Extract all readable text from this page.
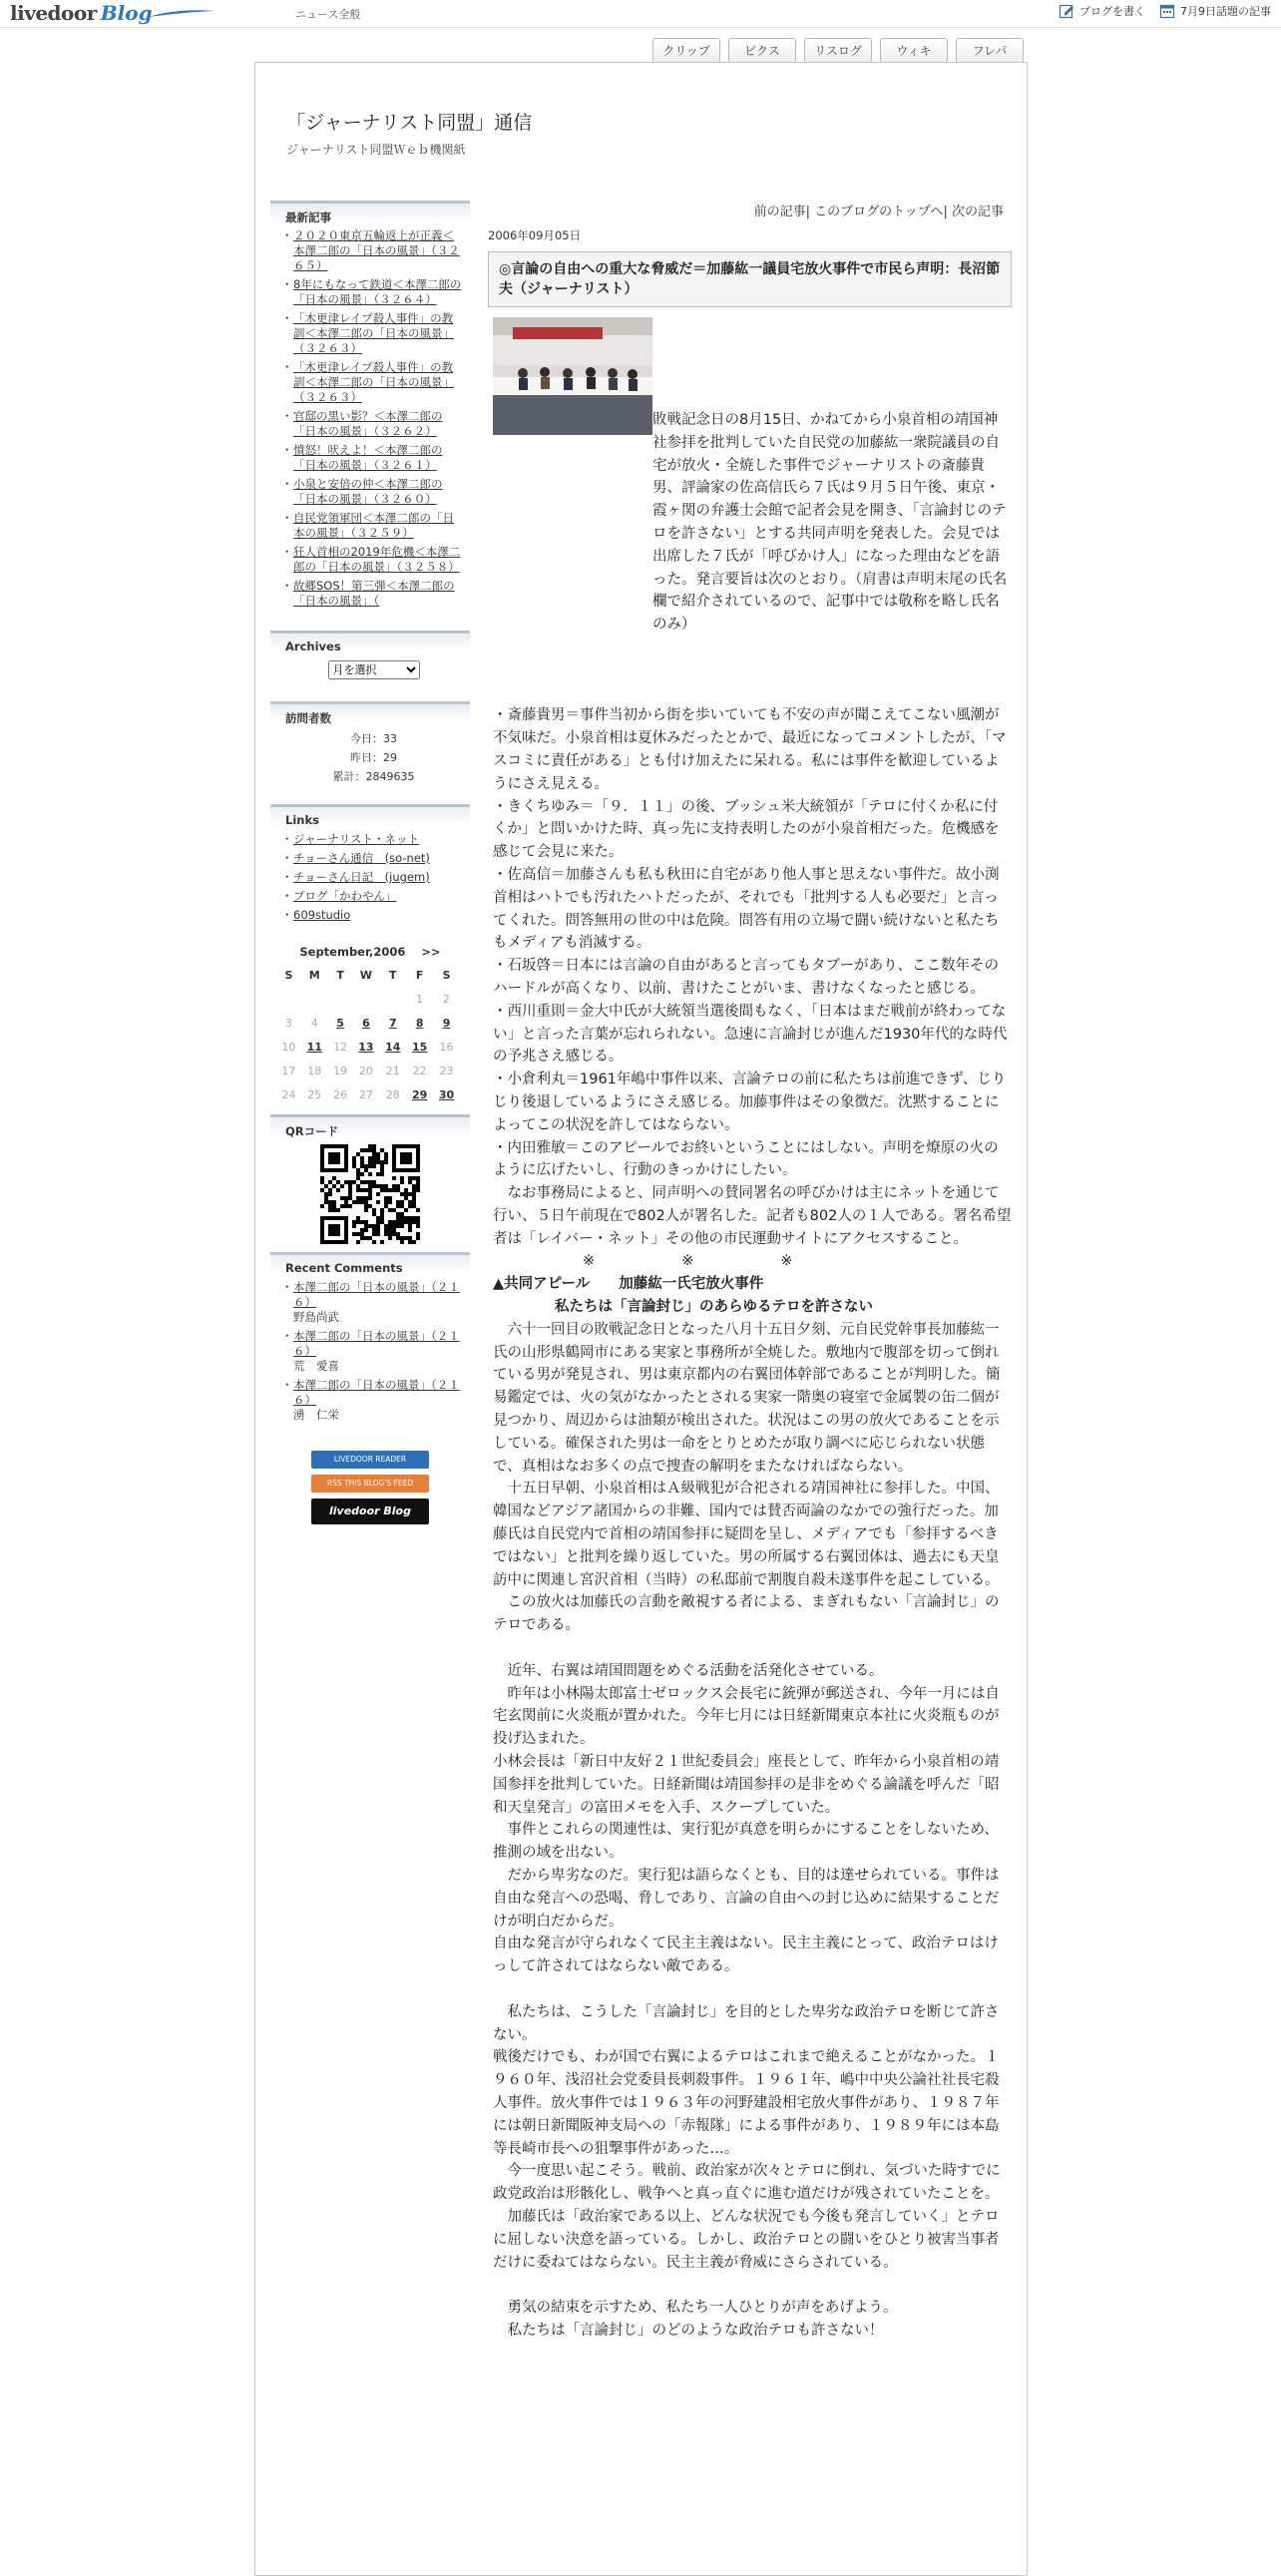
livedoor Blog	ニュース全般	ブログを書く	7月9日話題の記事
クリップ	ピクス	リスログ	ウィキ	フレパ
「ジャーナリスト同盟」通信
ジャーナリスト同盟Ｗｅｂ機関紙
最新記事
・ ２０２０東京五輪返上が正義＜本澤二郎の「日本の風景」（３２６５）
・ 8年にもなって鉄道＜本澤二郎の「日本の風景」（３２６４）
・ 「木更津レイプ殺人事件」の教訓＜本澤二郎の「日本の風景」（３２６３）
・ 「木更津レイプ殺人事件」の教訓＜本澤二郎の「日本の風景」（３２６３）
・ 官邸の黒い影？＜本澤二郎の「日本の風景」（３２６２）
・ 憤怒！吠えよ！＜本澤二郎の「日本の風景」（３２６１）
・ 小泉と安倍の仲＜本澤二郎の「日本の風景」（３２６０）
・ 自民党領軍団＜本澤二郎の「日本の風景」（３２５９）
・ 狂人首相の2019年危機＜本澤二郎の「日本の風景」（３２５８）
・ 故郷SOS！第三弾＜本澤二郎の「日本の風景」（
Archives
月を選択
訪問者数
今日：33
昨日：29
累計：2849635
Links
・ ジャーナリスト・ネット
・ チョーさん通信　(so-net)
・ チョーさん日記　(jugem)
・ ブログ「かわやん」
・ 609studio
September,2006 >>
S	M	T	W	T	F	S
					1	2
3	4	5	6	7	8	9
10	11	12	13	14	15	16
17	18	19	20	21	22	23
24	25	26	27	28	29	30
QRコード
Recent Comments
・ 本澤二郎の「日本の風景」（２１６）
野島尚武
・ 本澤二郎の「日本の風景」（２１６）
荒　愛喜
・ 本澤二郎の「日本の風景」（２１６）
湧　仁栄
LIVEDOOR READER
RSS THIS BLOG'S FEED
livedoor Blog
前の記事| このブログのトップへ| 次の記事
2006年09月05日
◎言論の自由への重大な脅威だ＝加藤紘一議員宅放火事件で市民ら声明：長沼節夫（ジャーナリスト）

敗戦記念日の8月15日、かねてから小泉首相の靖国神社参拝を批判していた自民党の加藤紘一衆院議員の自宅が放火・全焼した事件でジャーナリストの斎藤貴男、評論家の佐高信氏ら７氏は９月５日午後、東京・霞ヶ関の弁護士会館で記者会見を開き、「言論封じのテロを許さない」とする共同声明を発表した。会見では出席した７氏が「呼びかけ人」になった理由などを語った。発言要旨は次のとおり。（肩書は声明末尾の氏名欄で紹介されているので、記事中では敬称を略し氏名のみ）

・斎藤貴男＝事件当初から街を歩いていても不安の声が聞こえてこない風潮が不気味だ。小泉首相は夏休みだったとかで、最近になってコメントしたが、「マスコミに責任がある」とも付け加えたに呆れる。私には事件を歓迎しているようにさえ見える。

・きくちゆみ＝「９．１１」の後、ブッシュ米大統領が「テロに付くか私に付くか」と問いかけた時、真っ先に支持表明したのが小泉首相だった。危機感を感じて会見に来た。

・佐高信＝加藤さんも私も秋田に自宅があり他人事と思えない事件だ。故小渕首相はハトでも汚れたハトだったが、それでも「批判する人も必要だ」と言ってくれた。問答無用の世の中は危険。問答有用の立場で闘い続けないと私たちもメディアも消滅する。

・石坂啓＝日本には言論の自由があると言ってもタブーがあり、ここ数年そのハードルが高くなり、以前、書けたことがいま、書けなくなったと感じる。

・西川重則＝金大中氏が大統領当選後間もなく、「日本はまだ戦前が終わってない」と言った言葉が忘れられない。急速に言論封じが進んだ1930年代的な時代の予兆さえ感じる。

・小倉利丸＝1961年嶋中事件以来、言論テロの前に私たちは前進できず、じりじり後退しているようにさえ感じる。加藤事件はその象徴だ。沈黙することによってこの状況を許してはならない。

・内田雅敏＝このアピールでお終いということにはしない。声明を燎原の火のように広げたいし、行動のきっかけにしたい。

　なお事務局によると、同声明への賛同署名の呼びかけは主にネットを通じて行い、５日午前現在で802人が署名した。記者も802人の１人である。署名希望者は「レイバー・ネット」その他の市民運動サイトにアクセスすること。

※　　　　　　※　　　　　　※

▲共同アピール　　加藤紘一氏宅放火事件

私たちは「言論封じ」のあらゆるテロを許さない

　六十一回目の敗戦記念日となった八月十五日夕刻、元自民党幹事長加藤紘一氏の山形県鶴岡市にある実家と事務所が全焼した。敷地内で腹部を切って倒れている男が発見され、男は東京都内の右翼団体幹部であることが判明した。簡易鑑定では、火の気がなかったとされる実家一階奥の寝室で金属製の缶二個が見つかり、周辺からは油類が検出された。状況はこの男の放火であることを示している。確保された男は一命をとりとめたが取り調べに応じられない状態で、真相はなお多くの点で捜査の解明をまたなければならない。

　十五日早朝、小泉首相はＡ級戦犯が合祀される靖国神社に参拝した。中国、韓国などアジア諸国からの非難、国内では賛否両論のなかでの強行だった。加藤氏は自民党内で首相の靖国参拝に疑問を呈し、メディアでも「参拝するべきではない」と批判を繰り返していた。男の所属する右翼団体は、過去にも天皇訪中に関連し宮沢首相（当時）の私邸前で割腹自殺未遂事件を起こしている。

　この放火は加藤氏の言動を敵視する者による、まぎれもない「言論封じ」のテロである。

　近年、右翼は靖国問題をめぐる活動を活発化させている。

　昨年は小林陽太郎富士ゼロックス会長宅に銃弾が郵送され、今年一月には自宅玄関前に火炎瓶が置かれた。今年七月には日経新聞東京本社に火炎瓶ものが投げ込まれた。

小林会長は「新日中友好２１世紀委員会」座長として、昨年から小泉首相の靖国参拝を批判していた。日経新聞は靖国参拝の是非をめぐる論議を呼んだ「昭和天皇発言」の富田メモを入手、スクープしていた。

　事件とこれらの関連性は、実行犯が真意を明らかにすることをしないため、推測の域を出ない。

　だから卑劣なのだ。実行犯は語らなくとも、目的は達せられている。事件は自由な発言への恐喝、脅しであり、言論の自由への封じ込めに結果することだけが明白だからだ。

自由な発言が守られなくて民主主義はない。民主主義にとって、政治テロはけっして許されてはならない敵である。

　私たちは、こうした「言論封じ」を目的とした卑劣な政治テロを断じて許さない。

戦後だけでも、わが国で右翼によるテロはこれまで絶えることがなかった。１９６０年、浅沼社会党委員長刺殺事件。１９６１年、嶋中中央公論社社長宅殺人事件。放火事件では１９６３年の河野建設相宅放火事件があり、１９８７年には朝日新聞阪神支局への「赤報隊」による事件があり、１９８９年には本島等長崎市長への狙撃事件があった…。

　今一度思い起こそう。戦前、政治家が次々とテロに倒れ、気づいた時すでに政党政治は形骸化し、戦争へと真っ直ぐに進む道だけが残されていたことを。

　加藤氏は「政治家である以上、どんな状況でも今後も発言していく」とテロに屈しない決意を語っている。しかし、政治テロとの闘いをひとり被害当事者だけに委ねてはならない。民主主義が脅威にさらされている。

　勇気の結束を示すため、私たち一人ひとりが声をあげよう。

　私たちは「言論封じ」のどのような政治テロも許さない！
